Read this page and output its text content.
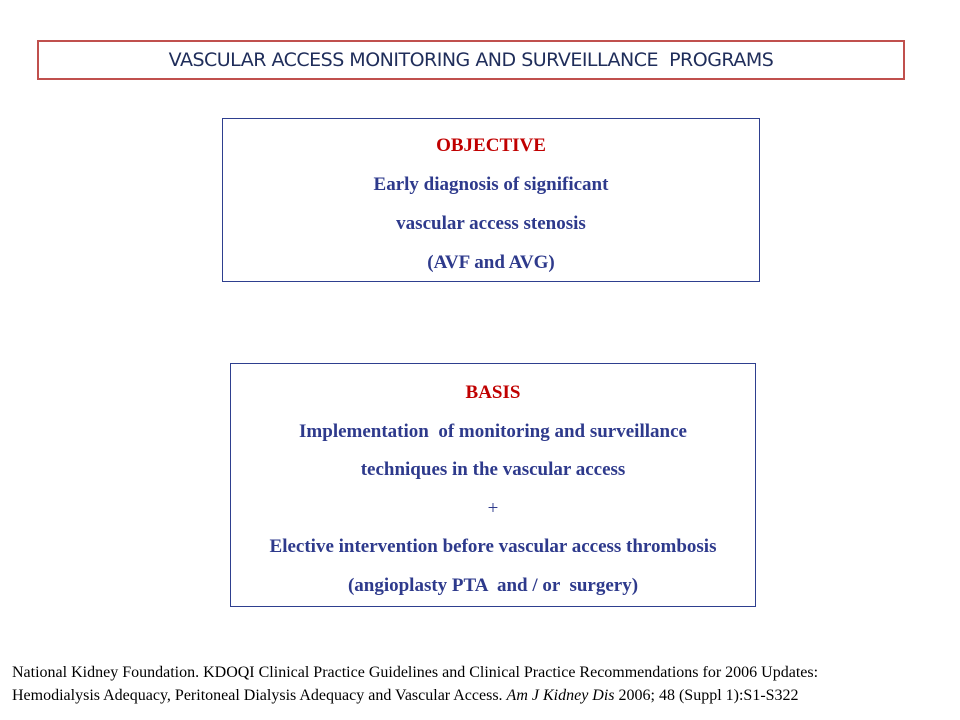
VASCULAR ACCESS MONITORING AND SURVEILLANCE  PROGRAMS
OBJECTIVE
Early diagnosis of significant
vascular access stenosis
(AVF and AVG)
BASIS
Implementation  of monitoring and surveillance
techniques in the vascular access
+
Elective intervention before vascular access thrombosis
(angioplasty PTA  and / or  surgery)
National Kidney Foundation. KDOQI Clinical Practice Guidelines and Clinical Practice Recommendations for 2006 Updates:
Hemodialysis Adequacy, Peritoneal Dialysis Adequacy and Vascular Access. Am J Kidney Dis 2006; 48 (Suppl 1):S1-S322
